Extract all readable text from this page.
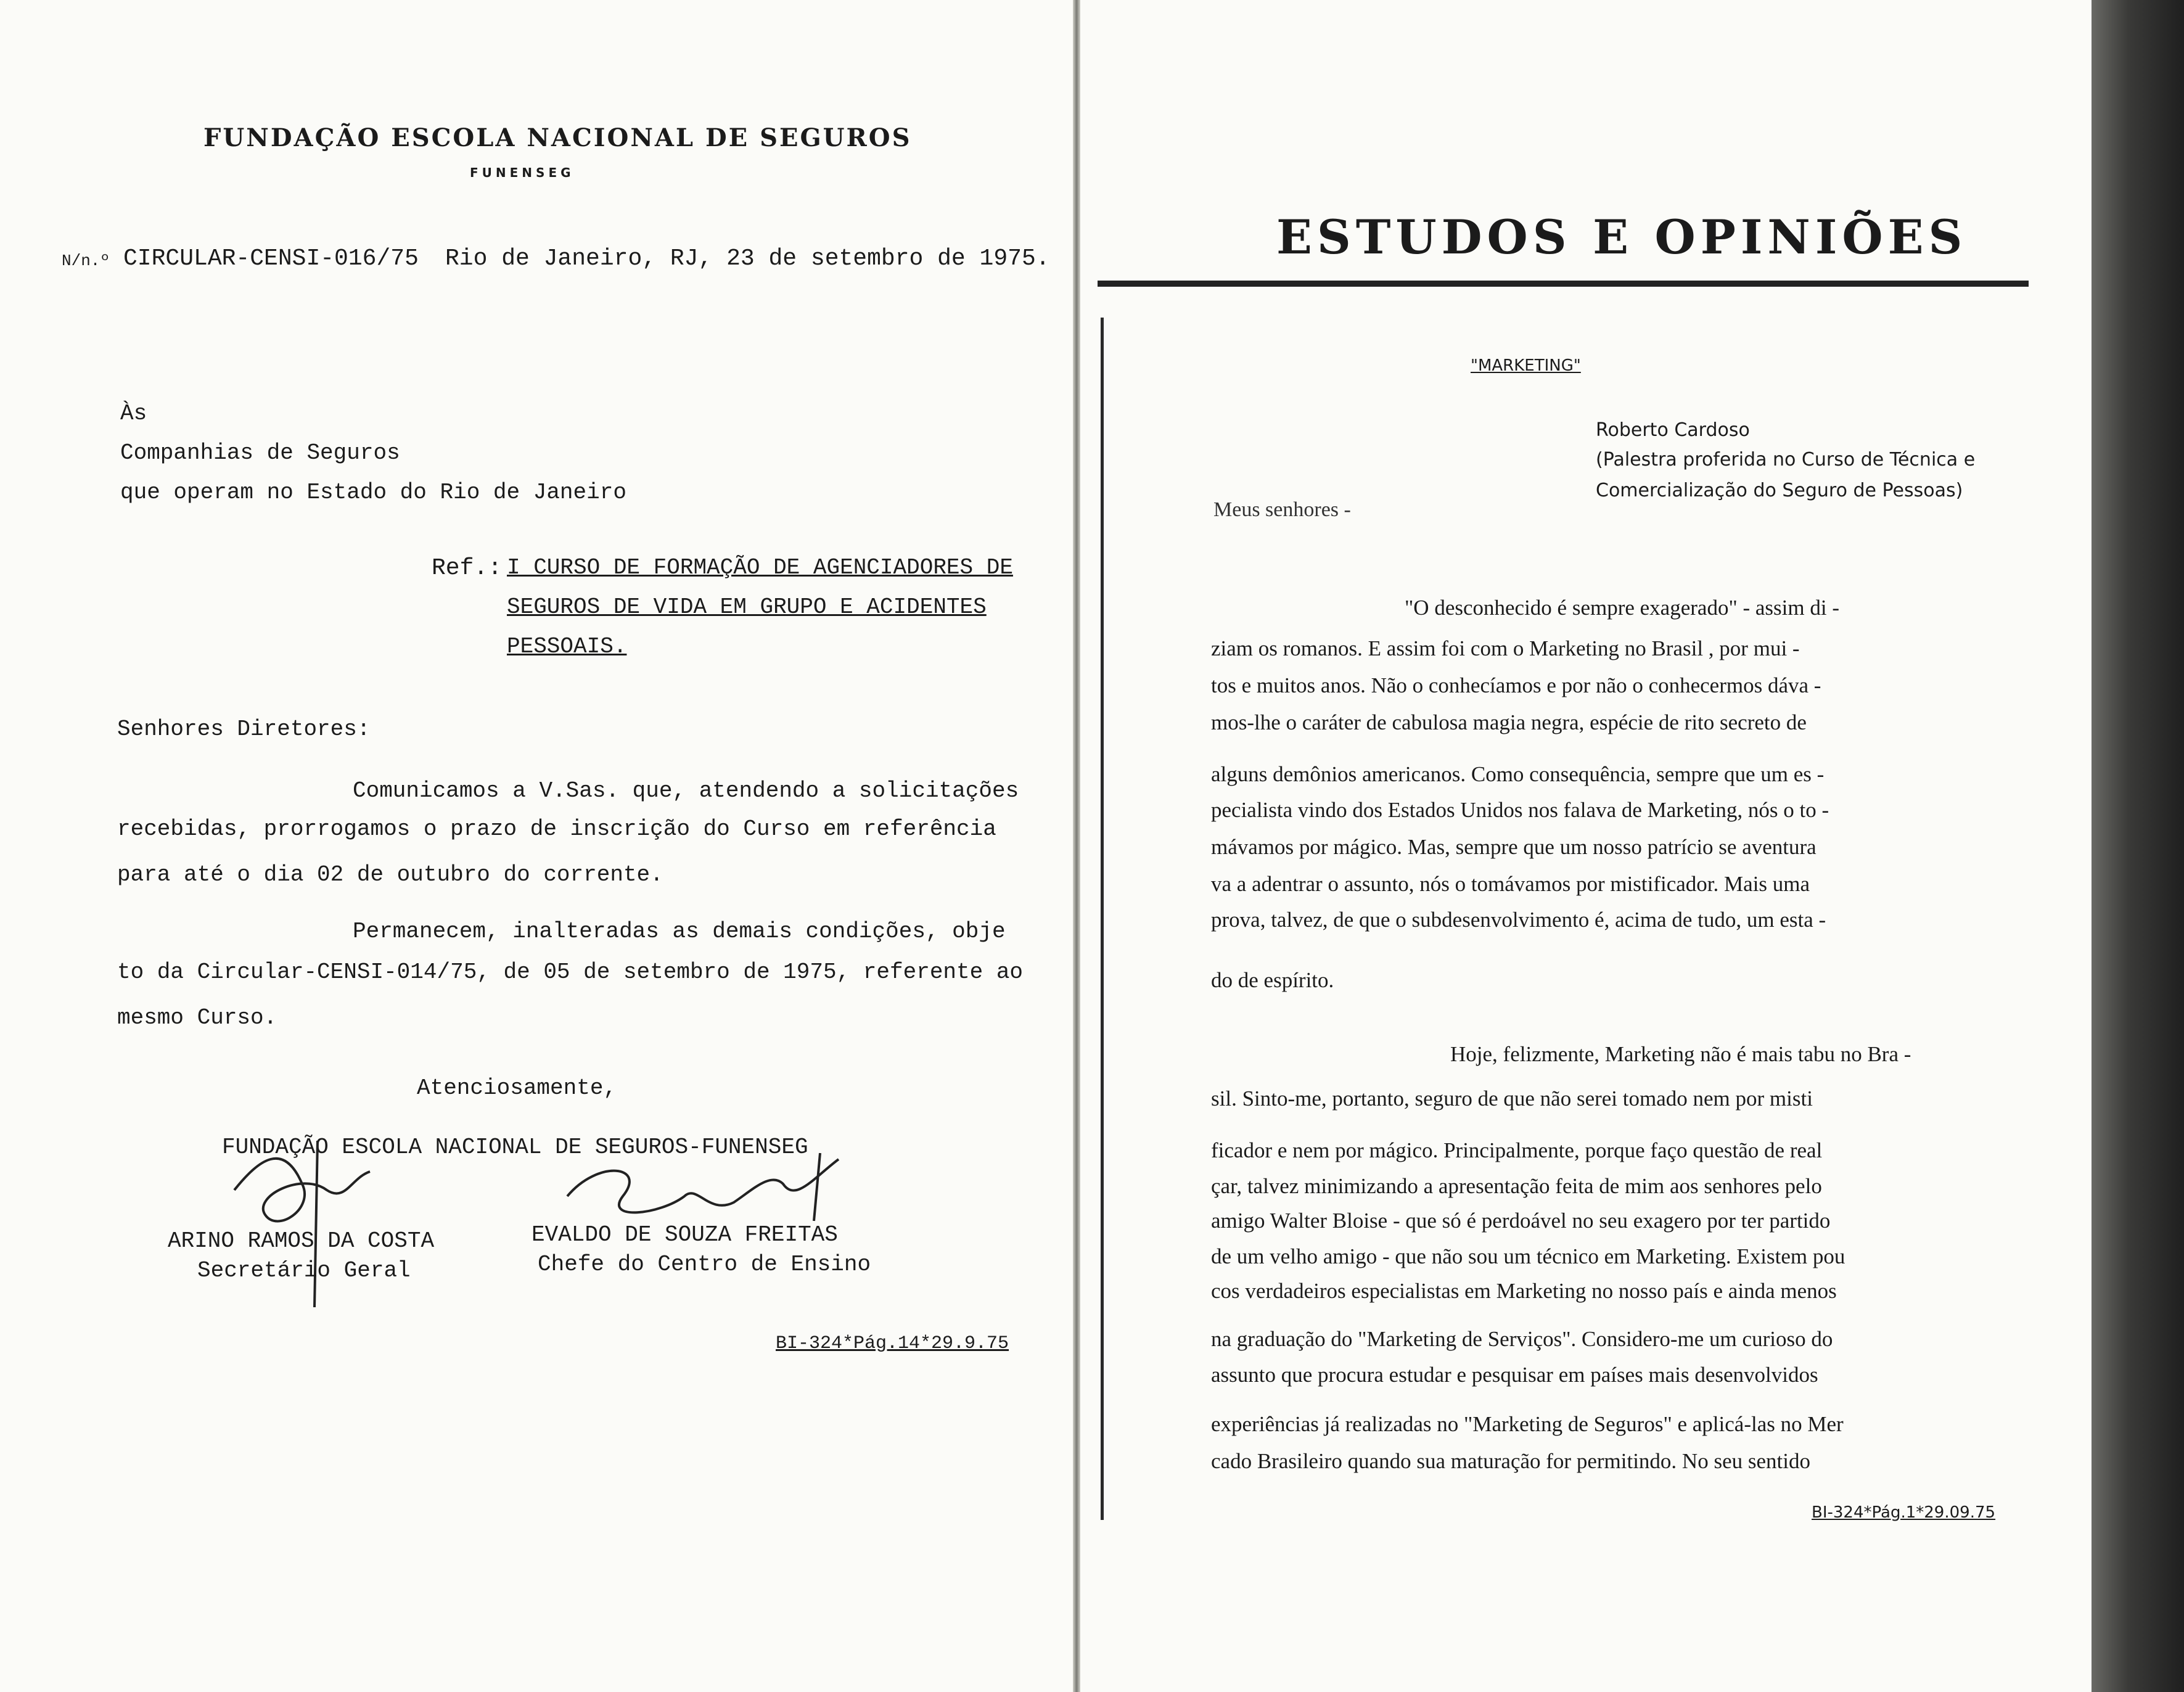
FUNDAÇÃO ESCOLA NACIONAL DE SEGUROS
FUNENSEG
N/n.º CIRCULAR-CENSI-016/75 Rio de Janeiro, RJ, 23 de setembro de 1975.
Às
Companhias de Seguros
que operam no Estado do Rio de Janeiro
Ref.: I CURSO DE FORMAÇÃO DE AGENCIADORES DE
SEGUROS DE VIDA EM GRUPO E ACIDENTES
PESSOAIS.
Senhores Diretores:
Comunicamos a V.Sas. que, atendendo a solicitações
recebidas, prorrogamos o prazo de inscrição do Curso em referência
para até o dia 02 de outubro do corrente.
Permanecem, inalteradas as demais condições, obje
to da Circular-CENSI-014/75, de 05 de setembro de 1975, referente ao
mesmo Curso.
Atenciosamente,
FUNDAÇÃO ESCOLA NACIONAL DE SEGUROS-FUNENSEG
ARINO RAMOS DA COSTA
Secretário Geral
EVALDO DE SOUZA FREITAS
Chefe do Centro de Ensino
BI-324*Pág.14*29.9.75
ESTUDOS E OPINIÕES
"MARKETING"
Roberto Cardoso
(Palestra proferida no Curso de Técnica e
Comercialização do Seguro de Pessoas)
Meus senhores -
"O desconhecido é sempre exagerado" - assim di -
ziam os romanos. E assim foi com o Marketing no Brasil , por mui -
tos e muitos anos. Não o conhecíamos e por não o conhecermos dáva -
mos-lhe o caráter de cabulosa magia negra, espécie de rito secreto de
alguns demônios americanos. Como consequência, sempre que um es -
pecialista vindo dos Estados Unidos nos falava de Marketing, nós o to -
mávamos por mágico. Mas, sempre que um nosso patrício se aventura
va a adentrar o assunto, nós o tomávamos por mistificador. Mais uma
prova, talvez, de que o subdesenvolvimento é, acima de tudo, um esta -
do de espírito.
Hoje, felizmente, Marketing não é mais tabu no Bra -
sil. Sinto-me, portanto, seguro de que não serei tomado nem por misti
ficador e nem por mágico. Principalmente, porque faço questão de real
çar, talvez minimizando a apresentação feita de mim aos senhores pelo
amigo Walter Bloise - que só é perdoável no seu exagero por ter partido
de um velho amigo - que não sou um técnico em Marketing. Existem pou
cos verdadeiros especialistas em Marketing no nosso país e ainda menos
na graduação do "Marketing de Serviços". Considero-me um curioso do
assunto que procura estudar e pesquisar em países mais desenvolvidos
experiências já realizadas no "Marketing de Seguros" e aplicá-las no Mer
cado Brasileiro quando sua maturação for permitindo. No seu sentido
BI-324*Pág.1*29.09.75
